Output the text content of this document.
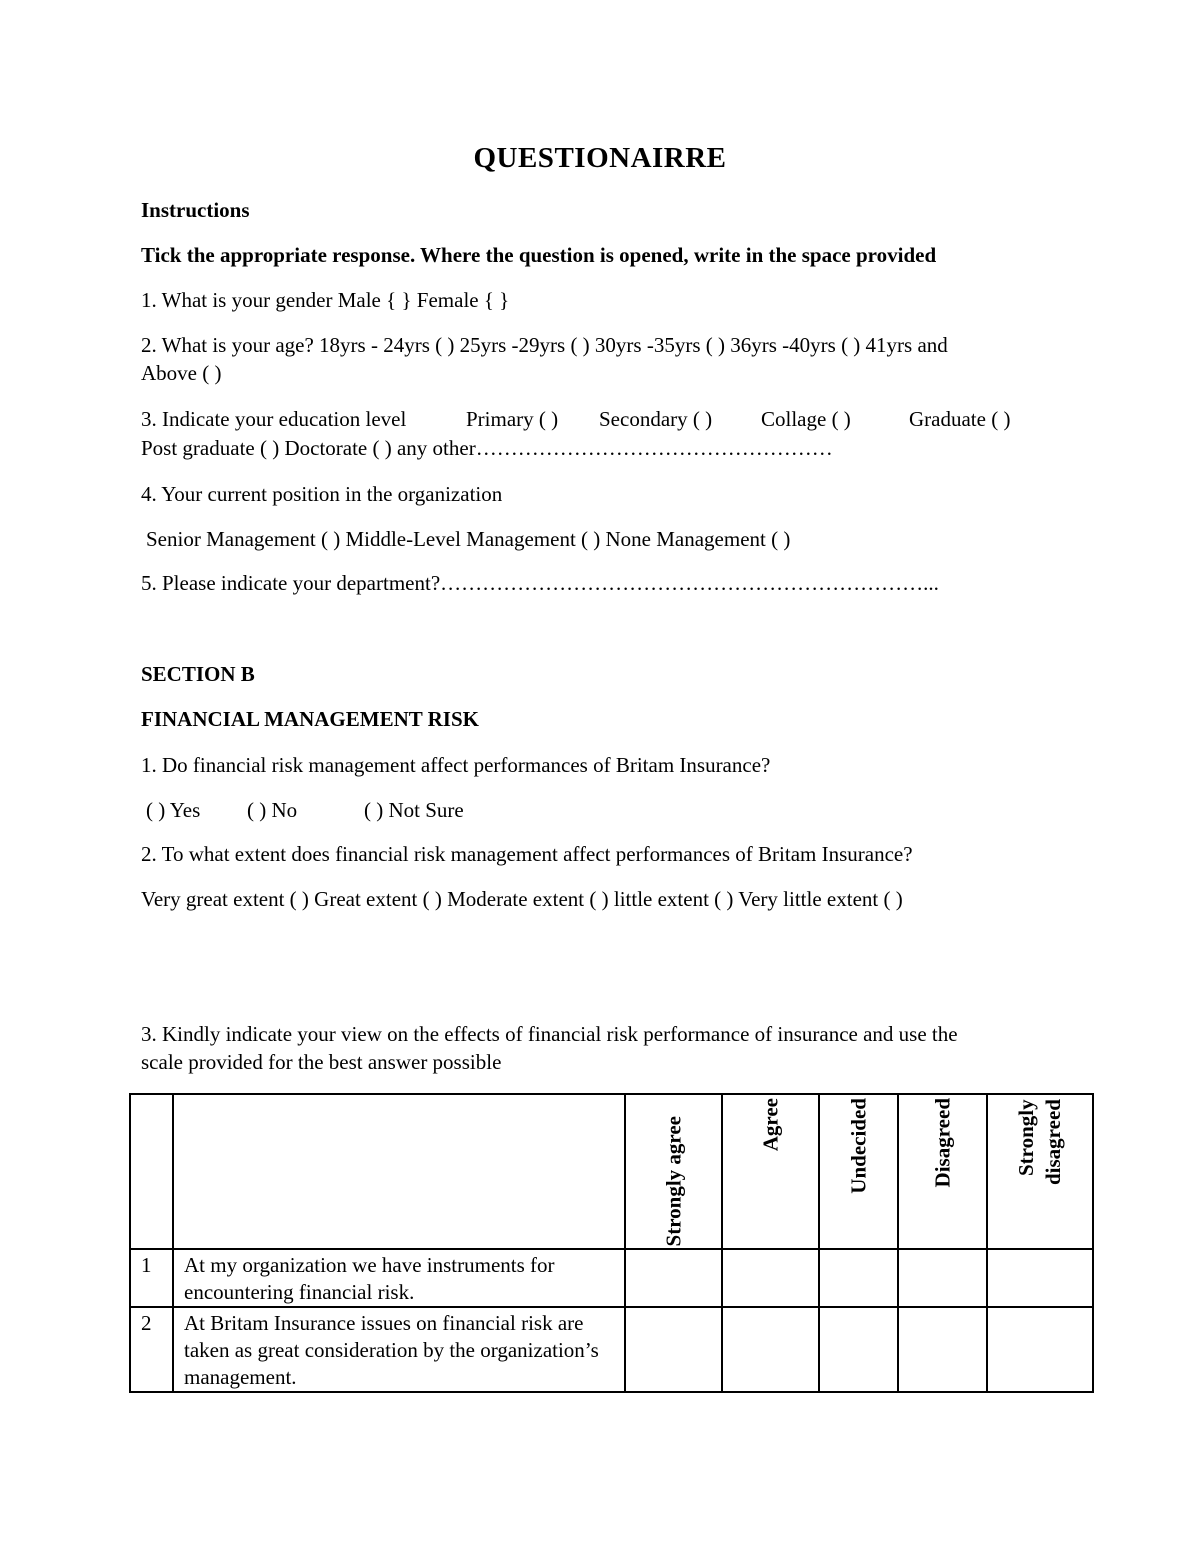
QUESTIONAIRRE
Instructions
Tick the appropriate response. Where the question is opened, write in the space provided
1. What is your gender Male { } Female { }
2. What is your age? 18yrs - 24yrs ( ) 25yrs -29yrs ( ) 30yrs -35yrs ( ) 36yrs -40yrs ( ) 41yrs and
Above ( )
3. Indicate your education level	Primary ( ) Secondary ( ) Collage ( )	Graduate ( )
Post graduate ( ) Doctorate ( ) any other……………………………………………
4. Your current position in the organization
Senior Management ( ) Middle-Level Management ( ) None Management ( )
5. Please indicate your department?……………………………………………………………...
SECTION B
FINANCIAL MANAGEMENT RISK
1. Do financial risk management affect performances of Britam Insurance?
( ) Yes ( ) No	( ) Not Sure
2. To what extent does financial risk management affect performances of Britam Insurance?
Very great extent ( ) Great extent ( ) Moderate extent ( ) little extent ( ) Very little extent ( )
3. Kindly indicate your view on the effects of financial risk performance of insurance and use the
scale provided for the best answer possible

		Strongly agree	Agree	Undecided	Disagreed	Strongly disagreed

1	At my organization we have instruments for encountering financial risk.					
2	At Britam Insurance issues on financial risk are taken as great consideration by the organization’s management.					
